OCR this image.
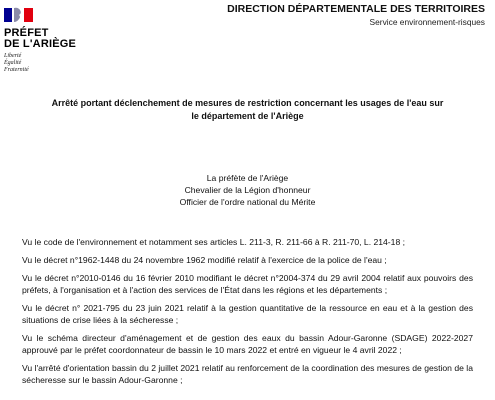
PRÉFET
DE L'ARIÈGE
Liberté
Égalité
Fraternité
DIRECTION DÉPARTEMENTALE DES TERRITOIRES
Service environnement-risques
Arrêté portant déclenchement de mesures de restriction concernant les usages de l'eau sur
le département de l'Ariège
La préfète de l'Ariège
Chevalier de la Légion d'honneur
Officier de l'ordre national du Mérite

Vu le code de l'environnement et notamment ses articles L. 211-3, R. 211-66 à R. 211-70, L. 214-18 ;

Vu le décret n°1962-1448 du 24 novembre 1962 modifié relatif à l'exercice de la police de l'eau ;

Vu le décret n°2010-0146 du 16 février 2010 modifiant le décret n°2004-374 du 29 avril 2004 relatif aux pouvoirs des préfets, à l'organisation et à l'action des services de l'État dans les régions et les départements ;

Vu le décret n° 2021-795 du 23 juin 2021 relatif à la gestion quantitative de la ressource en eau et à la gestion des situations de crise liées à la sécheresse ;

Vu le schéma directeur d'aménagement et de gestion des eaux du bassin Adour-Garonne (SDAGE) 2022-2027 approuvé par le préfet coordonnateur de bassin le 10 mars 2022 et entré en vigueur le 4 avril 2022 ;

Vu l'arrêté d'orientation bassin du 2 juillet 2021 relatif au renforcement de la coordination des mesures de gestion de la sécheresse sur le bassin Adour-Garonne ;
